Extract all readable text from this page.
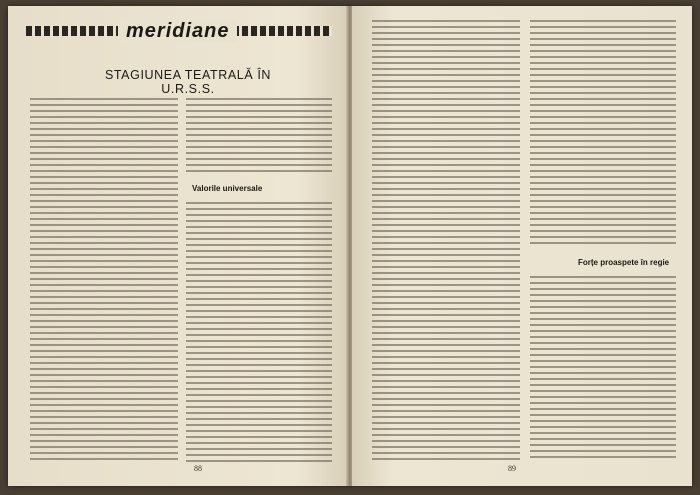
meridiane
STAGIUNEA TEATRALĂ ÎN U.R.S.S.
Valorile universale
88
Forțe proaspete în regie
89
